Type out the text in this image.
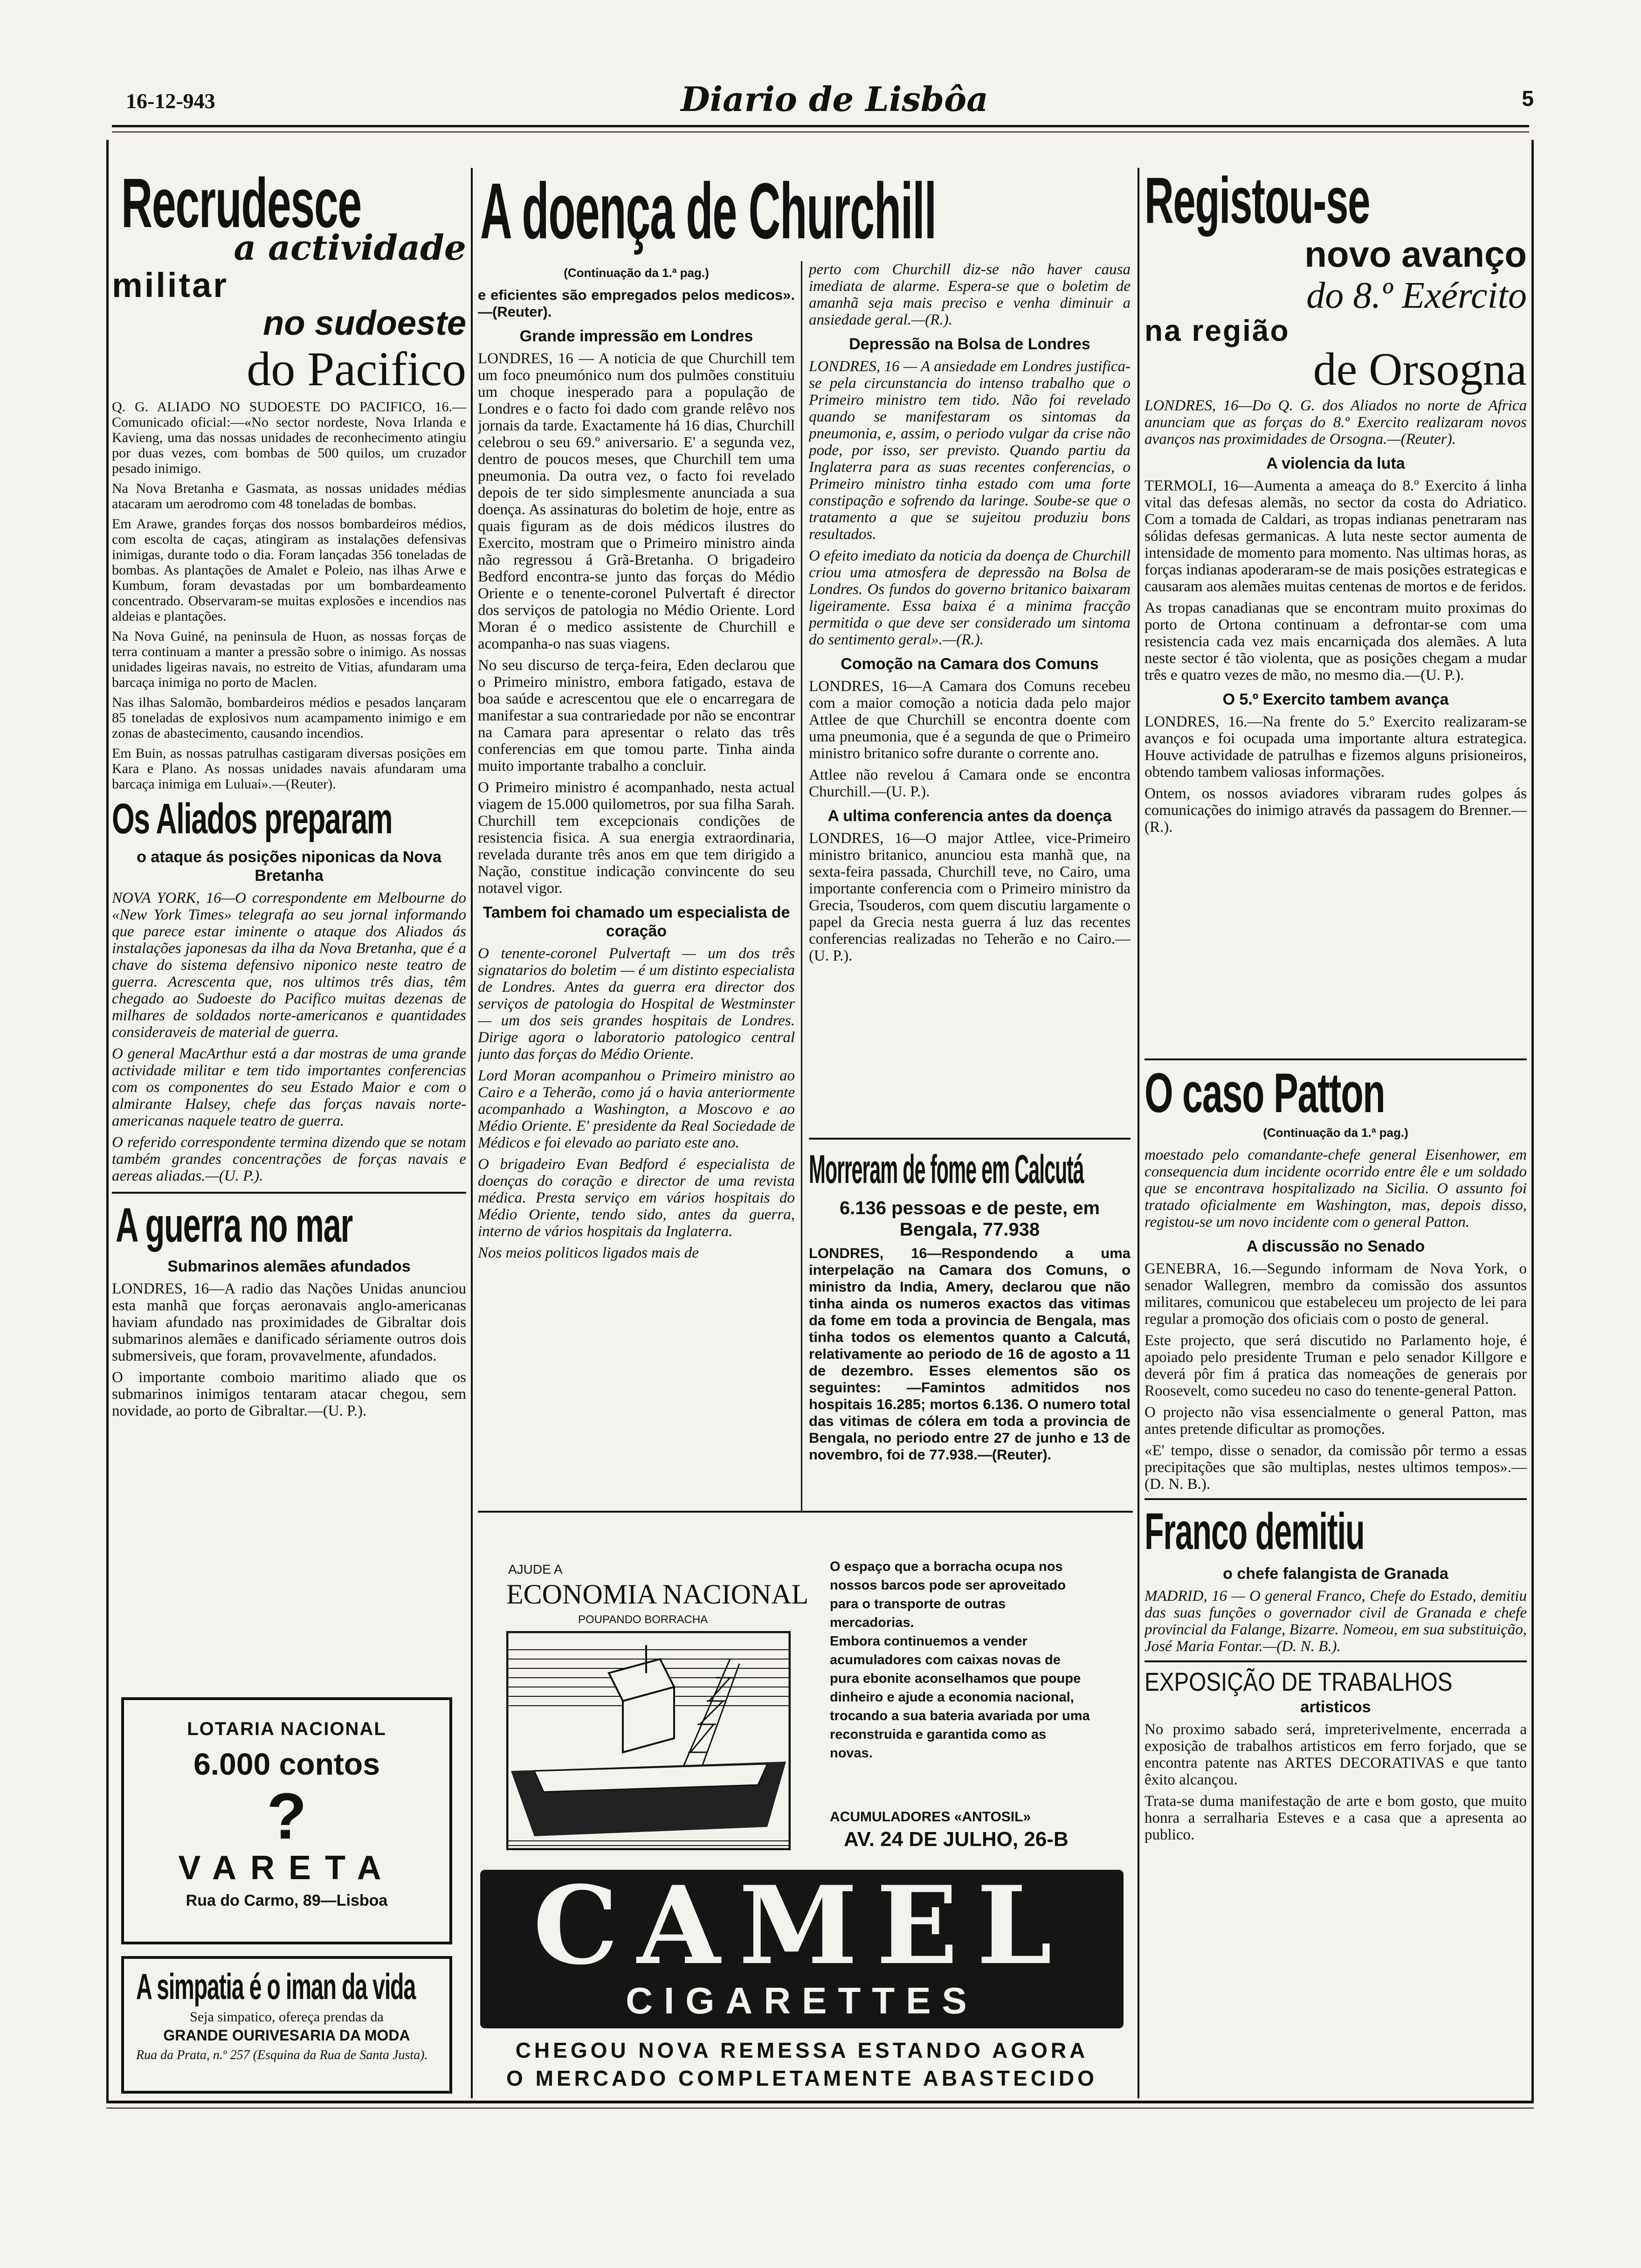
16-12-943	Diario de Lisbôa	5
Recrudesce
a actividade
militar
no sudoeste
do Pacifico

Q. G. ALIADO NO SUDOESTE DO PACIFICO, 16.—Comunicado oficial:—«No sector nordeste, Nova Irlanda e Kavieng, uma das nossas unidades de reconhecimento atingiu por duas vezes, com bombas de 500 quilos, um cruzador pesado inimigo.

Na Nova Bretanha e Gasmata, as nossas unidades médias atacaram um aerodromo com 48 toneladas de bombas.

Em Arawe, grandes forças dos nossos bombardeiros médios, com escolta de caças, atingiram as instalações defensivas inimigas, durante todo o dia. Foram lançadas 356 toneladas de bombas. As plantações de Amalet e Poleio, nas ilhas Arwe e Kumbum, foram devastadas por um bombardeamento concentrado. Observaram-se muitas explosões e incendios nas aldeias e plantações.

Na Nova Guiné, na peninsula de Huon, as nossas forças de terra continuam a manter a pressão sobre o inimigo. As nossas unidades ligeiras navais, no estreito de Vitias, afundaram uma barcaça inimiga no porto de Maclen.

Nas ilhas Salomão, bombardeiros médios e pesados lançaram 85 toneladas de explosivos num acampamento inimigo e em zonas de abastecimento, causando incendios.

Em Buin, as nossas patrulhas castigaram diversas posições em Kara e Plano. As nossas unidades navais afundaram uma barcaça inimiga em Luluai».—(Reuter).

Os Aliados preparam
o ataque ás posições niponicas da Nova Bretanha

NOVA YORK, 16—O correspondente em Melbourne do «New York Times» telegrafa ao seu jornal informando que parece estar iminente o ataque dos Aliados ás instalações japonesas da ilha da Nova Bretanha, que é a chave do sistema defensivo niponico neste teatro de guerra. Acrescenta que, nos ultimos três dias, têm chegado ao Sudoeste do Pacifico muitas dezenas de milhares de soldados norte-americanos e quantidades consideraveis de material de guerra.

O general MacArthur está a dar mostras de uma grande actividade militar e tem tido importantes conferencias com os componentes do seu Estado Maior e com o almirante Halsey, chefe das forças navais norte-americanas naquele teatro de guerra.

O referido correspondente termina dizendo que se notam também grandes concentrações de forças navais e aereas aliadas.—(U. P.).

A guerra no mar
Submarinos alemães afundados

LONDRES, 16—A radio das Nações Unidas anunciou esta manhã que forças aeronavais anglo-americanas haviam afundado nas proximidades de Gibraltar dois submarinos alemães e danificado sériamente outros dois submersiveis, que foram, provavelmente, afundados.

O importante comboio maritimo aliado que os submarinos inimigos tentaram atacar chegou, sem novidade, ao porto de Gibraltar.—(U. P.).

LOTARIA NACIONAL
6.000 contos
?
VARETA
Rua do Carmo, 89—Lisboa
A simpatia é o iman da vida
Seja simpatico, ofereça prendas da
GRANDE OURIVESARIA DA MODA
Rua da Prata, n.º 257 (Esquina da Rua de Santa Justa).
A doença de Churchill
(Continuação da 1.ª pag.)

e eficientes são empregados pelos medicos».—(Reuter).

Grande impressão em Londres

LONDRES, 16 — A noticia de que Churchill tem um foco pneumónico num dos pulmões constituiu um choque inesperado para a população de Londres e o facto foi dado com grande relêvo nos jornais da tarde. Exactamente há 16 dias, Churchill celebrou o seu 69.º aniversario. E' a segunda vez, dentro de poucos meses, que Churchill tem uma pneumonia. Da outra vez, o facto foi revelado depois de ter sido simplesmente anunciada a sua doença. As assinaturas do boletim de hoje, entre as quais figuram as de dois médicos ilustres do Exercito, mostram que o Primeiro ministro ainda não regressou á Grã-Bretanha. O brigadeiro Bedford encontra-se junto das forças do Médio Oriente e o tenente-coronel Pulvertaft é director dos serviços de patologia no Médio Oriente. Lord Moran é o medico assistente de Churchill e acompanha-o nas suas viagens.

No seu discurso de terça-feira, Eden declarou que o Primeiro ministro, embora fatigado, estava de boa saúde e acrescentou que ele o encarregara de manifestar a sua contrariedade por não se encontrar na Camara para apresentar o relato das três conferencias em que tomou parte. Tinha ainda muito importante trabalho a concluir.

O Primeiro ministro é acompanhado, nesta actual viagem de 15.000 quilometros, por sua filha Sarah. Churchill tem excepcionais condições de resistencia fisica. A sua energia extraordinaria, revelada durante três anos em que tem dirigido a Nação, constitue indicação convincente do seu notavel vigor.

Tambem foi chamado um especialista de coração

O tenente-coronel Pulvertaft — um dos três signatarios do boletim — é um distinto especialista de Londres. Antes da guerra era director dos serviços de patologia do Hospital de Westminster — um dos seis grandes hospitais de Londres. Dirige agora o laboratorio patologico central junto das forças do Médio Oriente.

Lord Moran acompanhou o Primeiro ministro ao Cairo e a Teherão, como já o havia anteriormente acompanhado a Washington, a Moscovo e ao Médio Oriente. E' presidente da Real Sociedade de Médicos e foi elevado ao pariato este ano.

O brigadeiro Evan Bedford é especialista de doenças do coração e director de uma revista médica. Presta serviço em vários hospitais do Médio Oriente, tendo sido, antes da guerra, interno de vários hospitais da Inglaterra.

Nos meios politicos ligados mais de

perto com Churchill diz-se não haver causa imediata de alarme. Espera-se que o boletim de amanhã seja mais preciso e venha diminuir a ansiedade geral.—(R.).

Depressão na Bolsa de Londres

LONDRES, 16 — A ansiedade em Londres justifica-se pela circunstancia do intenso trabalho que o Primeiro ministro tem tido. Não foi revelado quando se manifestaram os sintomas da pneumonia, e, assim, o periodo vulgar da crise não pode, por isso, ser previsto. Quando partiu da Inglaterra para as suas recentes conferencias, o Primeiro ministro tinha estado com uma forte constipação e sofrendo da laringe. Soube-se que o tratamento a que se sujeitou produziu bons resultados.

O efeito imediato da noticia da doença de Churchill criou uma atmosfera de depressão na Bolsa de Londres. Os fundos do governo britanico baixaram ligeiramente. Essa baixa é a minima fracção permitida o que deve ser considerado um sintoma do sentimento geral».—(R.).

Comoção na Camara dos Comuns

LONDRES, 16—A Camara dos Comuns recebeu com a maior comoção a noticia dada pelo major Attlee de que Churchill se encontra doente com uma pneumonia, que é a segunda de que o Primeiro ministro britanico sofre durante o corrente ano.

Attlee não revelou á Camara onde se encontra Churchill.—(U. P.).

A ultima conferencia antes da doença

LONDRES, 16—O major Attlee, vice-Primeiro ministro britanico, anunciou esta manhã que, na sexta-feira passada, Churchill teve, no Cairo, uma importante conferencia com o Primeiro ministro da Grecia, Tsouderos, com quem discutiu largamente o papel da Grecia nesta guerra á luz das recentes conferencias realizadas no Teherão e no Cairo.—(U. P.).

Morreram de fome em Calcutá
6.136 pessoas e de peste, em Bengala, 77.938

LONDRES, 16—Respondendo a uma interpelação na Camara dos Comuns, o ministro da India, Amery, declarou que não tinha ainda os numeros exactos das vitimas da fome em toda a provincia de Bengala, mas tinha todos os elementos quanto a Calcutá, relativamente ao periodo de 16 de agosto a 11 de dezembro. Esses elementos são os seguintes: —Famintos admitidos nos hospitais 16.285; mortos 6.136. O numero total das vitimas de cólera em toda a provincia de Bengala, no periodo entre 27 de junho e 13 de novembro, foi de 77.938.—(Reuter).

Registou-se
novo avanço
do 8.º Exército
na região
de Orsogna

LONDRES, 16—Do Q. G. dos Aliados no norte de Africa anunciam que as forças do 8.º Exercito realizaram novos avanços nas proximidades de Orsogna.—(Reuter).

A violencia da luta

TERMOLI, 16—Aumenta a ameaça do 8.º Exercito á linha vital das defesas alemãs, no sector da costa do Adriatico. Com a tomada de Caldari, as tropas indianas penetraram nas sólidas defesas germanicas. A luta neste sector aumenta de intensidade de momento para momento. Nas ultimas horas, as forças indianas apoderaram-se de mais posições estrategicas e causaram aos alemães muitas centenas de mortos e de feridos.

As tropas canadianas que se encontram muito proximas do porto de Ortona continuam a defrontar-se com uma resistencia cada vez mais encarniçada dos alemães. A luta neste sector é tão violenta, que as posições chegam a mudar três e quatro vezes de mão, no mesmo dia.—(U. P.).

O 5.º Exercito tambem avança

LONDRES, 16.—Na frente do 5.º Exercito realizaram-se avanços e foi ocupada uma importante altura estrategica. Houve actividade de patrulhas e fizemos alguns prisioneiros, obtendo tambem valiosas informações.

Ontem, os nossos aviadores vibraram rudes golpes ás comunicações do inimigo através da passagem do Brenner.—(R.).

O caso Patton
(Continuação da 1.ª pag.)

moestado pelo comandante-chefe general Eisenhower, em consequencia dum incidente ocorrido entre êle e um soldado que se encontrava hospitalizado na Sicilia. O assunto foi tratado oficialmente em Washington, mas, depois disso, registou-se um novo incidente com o general Patton.

A discussão no Senado

GENEBRA, 16.—Segundo informam de Nova York, o senador Wallegren, membro da comissão dos assuntos militares, comunicou que estabeleceu um projecto de lei para regular a promoção dos oficiais com o posto de general.

Este projecto, que será discutido no Parlamento hoje, é apoiado pelo presidente Truman e pelo senador Killgore e deverá pôr fim á pratica das nomeações de generais por Roosevelt, como sucedeu no caso do tenente-general Patton.

O projecto não visa essencialmente o general Patton, mas antes pretende dificultar as promoções.

«E' tempo, disse o senador, da comissão pôr termo a essas precipitações que são multiplas, nestes ultimos tempos».—(D. N. B.).

Franco demitiu
o chefe falangista de Granada

MADRID, 16 — O general Franco, Chefe do Estado, demitiu das suas funções o governador civil de Granada e chefe provincial da Falange, Bizarre. Nomeou, em sua substituição, José Maria Fontar.—(D. N. B.).

EXPOSIÇÃO DE TRABALHOS
artisticos

No proximo sabado será, impreterivelmente, encerrada a exposição de trabalhos artisticos em ferro forjado, que se encontra patente nas ARTES DECORATIVAS e que tanto êxito alcançou.

Trata-se duma manifestação de arte e bom gosto, que muito honra a serralharia Esteves e a casa que a apresenta ao publico.

AJUDE A
ECONOMIA NACIONAL
POUPANDO BORRACHA
O espaço que a borracha ocupa nos nossos barcos pode ser aproveitado para o transporte de outras mercadorias.
Embora continuemos a vender acumuladores com caixas novas de pura ebonite aconselhamos que poupe dinheiro e ajude a economia nacional, trocando a sua bateria avariada por uma reconstruida e garantida como as novas.
ACUMULADORES «ANTOSIL»
AV. 24 DE JULHO, 26-B
CAMEL
CIGARETTES
CHEGOU NOVA REMESSA ESTANDO AGORA
O MERCADO COMPLETAMENTE ABASTECIDO
